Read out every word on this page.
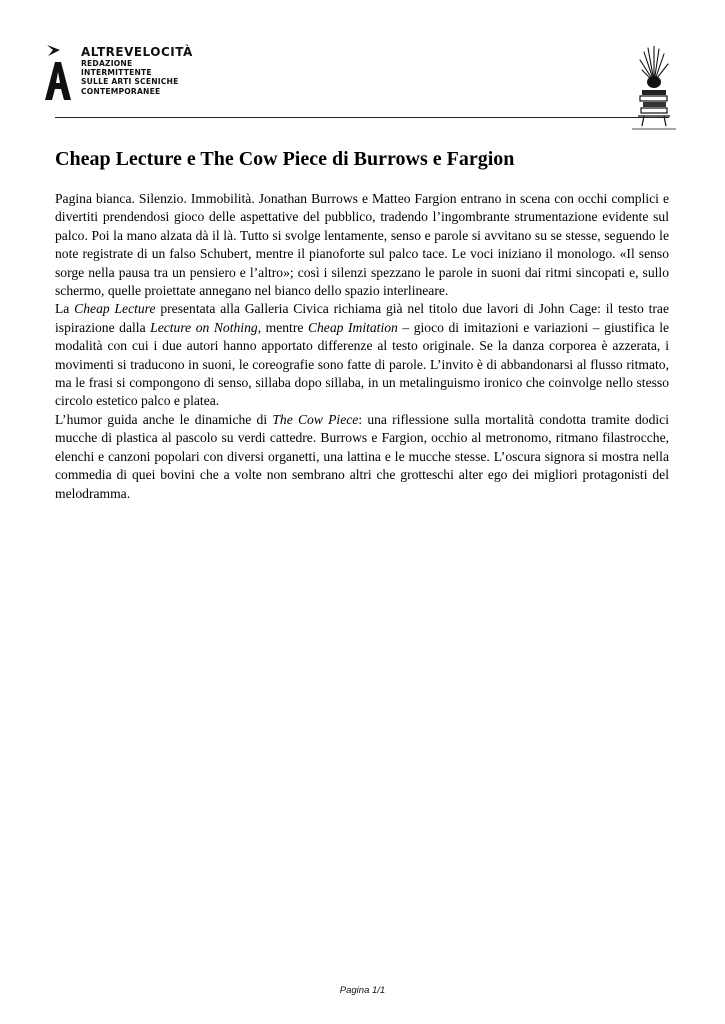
ALTREVELOCITÀ
REDAZIONE
INTERMITTENTE
SULLE ARTI SCENICHE
CONTEMPORANEE
Cheap Lecture e The Cow Piece di Burrows e Fargion

Pagina bianca. Silenzio. Immobilità. Jonathan Burrows e Matteo Fargion entrano in scena con occhi complici e divertiti prendendosi gioco delle aspettative del pubblico, tradendo l’ingombrante strumentazione evidente sul palco. Poi la mano alzata dà il là. Tutto si svolge lentamente, senso e parole si avvitano su se stesse, seguendo le note registrate di un falso Schubert, mentre il pianoforte sul palco tace. Le voci iniziano il monologo. «Il senso sorge nella pausa tra un pensiero e l’altro»; così i silenzi spezzano le parole in suoni dai ritmi sincopati e, sullo schermo, quelle proiettate annegano nel bianco dello spazio interlineare.

La Cheap Lecture presentata alla Galleria Civica richiama già nel titolo due lavori di John Cage: il testo trae ispirazione dalla Lecture on Nothing, mentre Cheap Imitation – gioco di imitazioni e variazioni – giustifica le modalità con cui i due autori hanno apportato differenze al testo originale. Se la danza corporea è azzerata, i movimenti si traducono in suoni, le coreografie sono fatte di parole. L’invito è di abbandonarsi al flusso ritmato, ma le frasi si compongono di senso, sillaba dopo sillaba, in un metalinguismo ironico che coinvolge nello stesso circolo estetico palco e platea.

L’humor guida anche le dinamiche di The Cow Piece: una riflessione sulla mortalità condotta tramite dodici mucche di plastica al pascolo su verdi cattedre. Burrows e Fargion, occhio al metronomo, ritmano filastrocche, elenchi e canzoni popolari con diversi organetti, una lattina e le mucche stesse. L’oscura signora si mostra nella commedia di quei bovini che a volte non sembrano altri che grotteschi alter ego dei migliori protagonisti del melodramma.

Pagina 1/1
